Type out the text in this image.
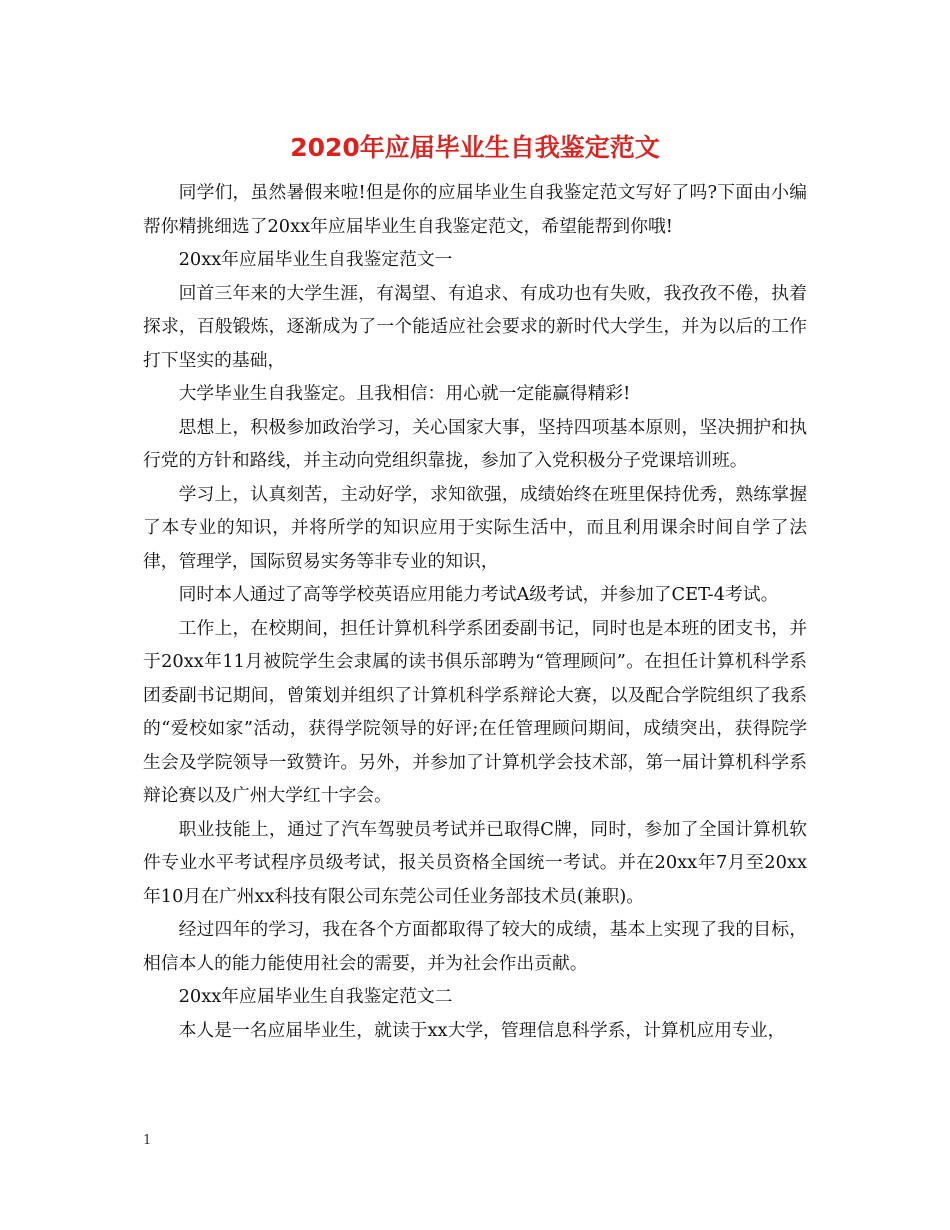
2020年应届毕业生自我鉴定范文

同学们，虽然暑假来啦!但是你的应届毕业生自我鉴定范文写好了吗?下面由小编帮你精挑细选了20xx年应届毕业生自我鉴定范文，希望能帮到你哦!

20xx年应届毕业生自我鉴定范文一

回首三年来的大学生涯，有渴望、有追求、有成功也有失败，我孜孜不倦，执着探求，百般锻炼，逐渐成为了一个能适应社会要求的新时代大学生，并为以后的工作打下坚实的基础，

大学毕业生自我鉴定。且我相信：用心就一定能赢得精彩!

思想上，积极参加政治学习，关心国家大事，坚持四项基本原则，坚决拥护和执行党的方针和路线，并主动向党组织靠拢，参加了入党积极分子党课培训班。

学习上，认真刻苦，主动好学，求知欲强，成绩始终在班里保持优秀，熟练掌握了本专业的知识，并将所学的知识应用于实际生活中，而且利用课余时间自学了法律，管理学，国际贸易实务等非专业的知识，

同时本人通过了高等学校英语应用能力考试A级考试，并参加了CET-4考试。

工作上，在校期间，担任计算机科学系团委副书记，同时也是本班的团支书，并于20xx年11月被院学生会隶属的读书俱乐部聘为“管理顾问”。在担任计算机科学系团委副书记期间，曾策划并组织了计算机科学系辩论大赛，以及配合学院组织了我系的“爱校如家”活动，获得学院领导的好评;在任管理顾问期间，成绩突出，获得院学生会及学院领导一致赞许。另外，并参加了计算机学会技术部，第一届计算机科学系辩论赛以及广州大学红十字会。

职业技能上，通过了汽车驾驶员考试并已取得C牌，同时，参加了全国计算机软件专业水平考试程序员级考试，报关员资格全国统一考试。并在20xx年7月至20xx年10月在广州xx科技有限公司东莞公司任业务部技术员(兼职)。

经过四年的学习，我在各个方面都取得了较大的成绩，基本上实现了我的目标，相信本人的能力能使用社会的需要，并为社会作出贡献。

20xx年应届毕业生自我鉴定范文二

本人是一名应届毕业生，就读于xx大学，管理信息科学系，计算机应用专业，

1
